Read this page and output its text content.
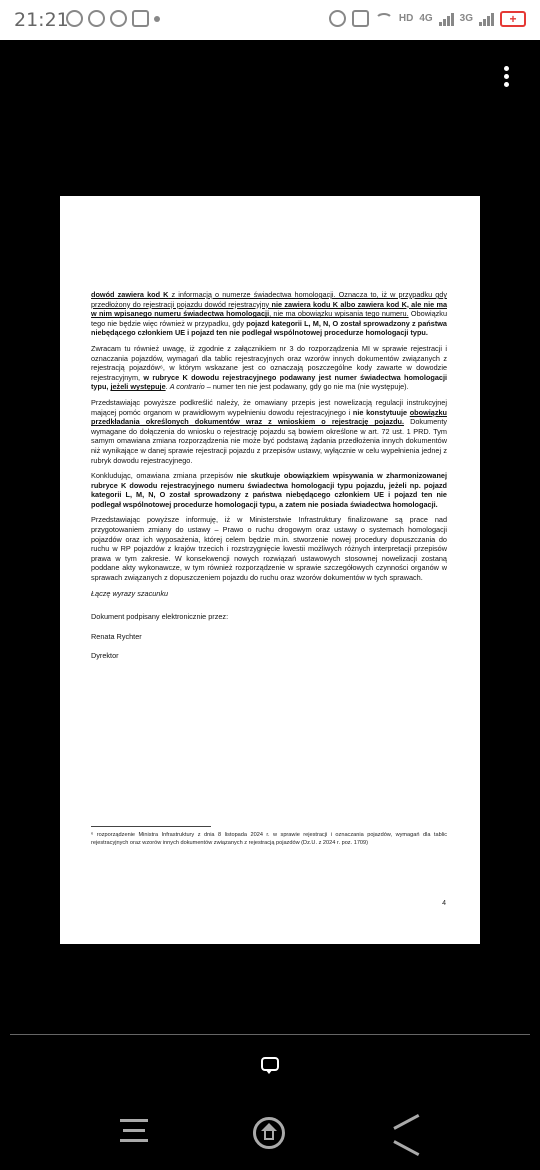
21:21	HD 4G	3G	+

dowód zawiera kod K z informacją o numerze świadectwa homologacji. Oznacza to, iż w przypadku gdy przedłożony do rejestracji pojazdu dowód rejestracyjny nie zawiera kodu K albo zawiera kod K, ale nie ma w nim wpisanego numeru świadectwa homologacji, nie ma obowiązku wpisania tego numeru. Obowiązku tego nie będzie więc również w przypadku, gdy pojazd kategorii L, M, N, O został sprowadzony z państwa niebędącego członkiem UE i pojazd ten nie podlegał wspólnotowej procedurze homologacji typu.

Zwracam tu również uwagę, iż zgodnie z załącznikiem nr 3 do rozporządzenia MI w sprawie rejestracji i oznaczania pojazdów, wymagań dla tablic rejestracyjnych oraz wzorów innych dokumentów związanych z rejestracją pojazdów⁶, w którym wskazane jest co oznaczają poszczególne kody zawarte w dowodzie rejestracyjnym, w rubryce K dowodu rejestracyjnego podawany jest numer świadectwa homologacji typu, jeżeli występuje. A contrario – numer ten nie jest podawany, gdy go nie ma (nie występuje).

Przedstawiając powyższe podkreślić należy, że omawiany przepis jest nowelizacją regulacji instrukcyjnej mającej pomóc organom w prawidłowym wypełnieniu dowodu rejestracyjnego i nie konstytuuje obowiązku przedkładania określonych dokumentów wraz z wnioskiem o rejestrację pojazdu. Dokumenty wymagane do dołączenia do wniosku o rejestrację pojazdu są bowiem określone w art. 72 ust. 1 PRD. Tym samym omawiana zmiana rozporządzenia nie może być podstawą żądania przedłożenia innych dokumentów niż wynikające w danej sprawie rejestracji pojazdu z przepisów ustawy, wyłącznie w celu wypełnienia jednej z rubryk dowodu rejestracyjnego.

Konkludując, omawiana zmiana przepisów nie skutkuje obowiązkiem wpisywania w zharmonizowanej rubryce K dowodu rejestracyjnego numeru świadectwa homologacji typu pojazdu, jeżeli np. pojazd kategorii L, M, N, O został sprowadzony z państwa niebędącego członkiem UE i pojazd ten nie podlegał wspólnotowej procedurze homologacji typu, a zatem nie posiada świadectwa homologacji.

Przedstawiając powyższe informuję, iż w Ministerstwie Infrastruktury finalizowane są prace nad przygotowaniem zmiany do ustawy – Prawo o ruchu drogowym oraz ustawy o systemach homologacji pojazdów oraz ich wyposażenia, której celem będzie m.in. stworzenie nowej procedury dopuszczania do ruchu w RP pojazdów z krajów trzecich i rozstrzygnięcie kwestii możliwych różnych interpretacji przepisów prawa w tym zakresie. W konsekwencji nowych rozwiązań ustawowych stosownej nowelizacji zostaną poddane akty wykonawcze, w tym również rozporządzenie w sprawie szczegółowych czynności organów w sprawach związanych z dopuszczeniem pojazdu do ruchu oraz wzorów dokumentów w tych sprawach.

Łączę wyrazy szacunku

Dokument podpisany elektronicznie przez:

Renata Rychter

Dyrektor

⁶ rozporządzenie Ministra Infrastruktury z dnia 8 listopada 2024 r. w sprawie rejestracji i oznaczania pojazdów, wymagań dla tablic rejestracyjnych oraz wzorów innych dokumentów związanych z rejestracją pojazdów (Dz.U. z 2024 r. poz. 1709)
4
